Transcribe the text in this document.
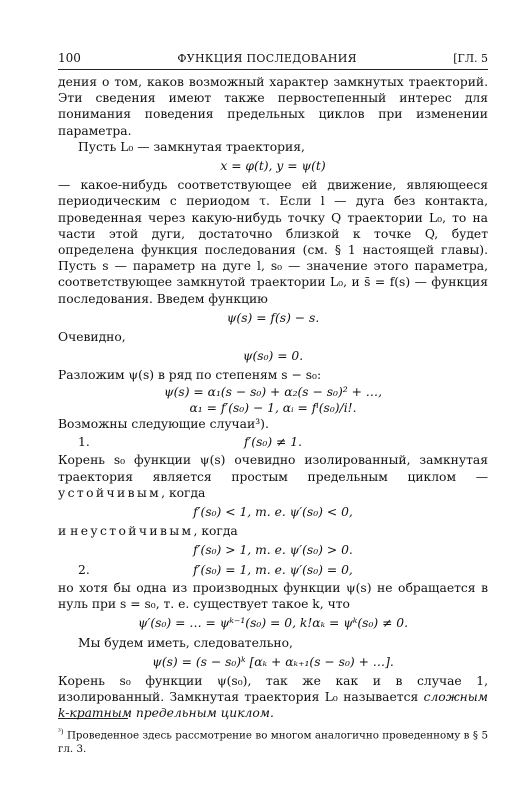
100	ФУНКЦИЯ ПОСЛЕДОВАНИЯ	[ГЛ. 5

дения о том, каков возможный характер замкнутых траекторий. Эти сведения имеют также первостепенный интерес для понимания поведения предельных циклов при изменении параметра.

Пусть L₀ — замкнутая траектория,

x = φ(t), y = ψ(t)

— какое-нибудь соответствующее ей движение, являющееся периодическим с периодом τ. Если l — дуга без контакта, проведенная через какую-нибудь точку Q траектории L₀, то на части этой дуги, достаточно близкой к точке Q, будет определена функция последования (см. § 1 настоящей главы). Пусть s — параметр на дуге l, s₀ — значение этого параметра, соответствующее замкнутой траектории L₀, и s̄ = f(s) — функция последования. Введем функцию

ψ(s) = f(s) − s.

Очевидно,

ψ(s₀) = 0.

Разложим ψ(s) в ряд по степеням s − s₀:

ψ(s) = α₁(s − s₀) + α₂(s − s₀)² + …,
α₁ = f′(s₀) − 1, αᵢ = fⁱ(s₀)/i!.

Возможны следующие случаи³).

1.	f′(s₀) ≠ 1.

Корень s₀ функции ψ(s) очевидно изолированный, замкнутая траектория является простым предельным циклом — устойчивым, когда

f′(s₀) < 1, т. е. ψ′(s₀) < 0,

и неустойчивым, когда

f′(s₀) > 1, т. е. ψ′(s₀) > 0.
2.	f′(s₀) = 1, т. е. ψ′(s₀) = 0,

но хотя бы одна из производных функции ψ(s) не обращается в нуль при s = s₀, т. е. существует такое k, что

ψ′(s₀) = … = ψᵏ⁻¹(s₀) = 0, k!αₖ = ψᵏ(s₀) ≠ 0.

Мы будем иметь, следовательно,

ψ(s) = (s − s₀)ᵏ [αₖ + αₖ₊₁(s − s₀) + …].

Корень s₀ функции ψ(s₀), так же как и в случае 1, изолированный. Замкнутая траектория L₀ называется сложным k-кратным предельным циклом.

$^{^3)}$ Проведенное здесь рассмотрение во многом аналогично проведенному в § 5 гл. 3.
